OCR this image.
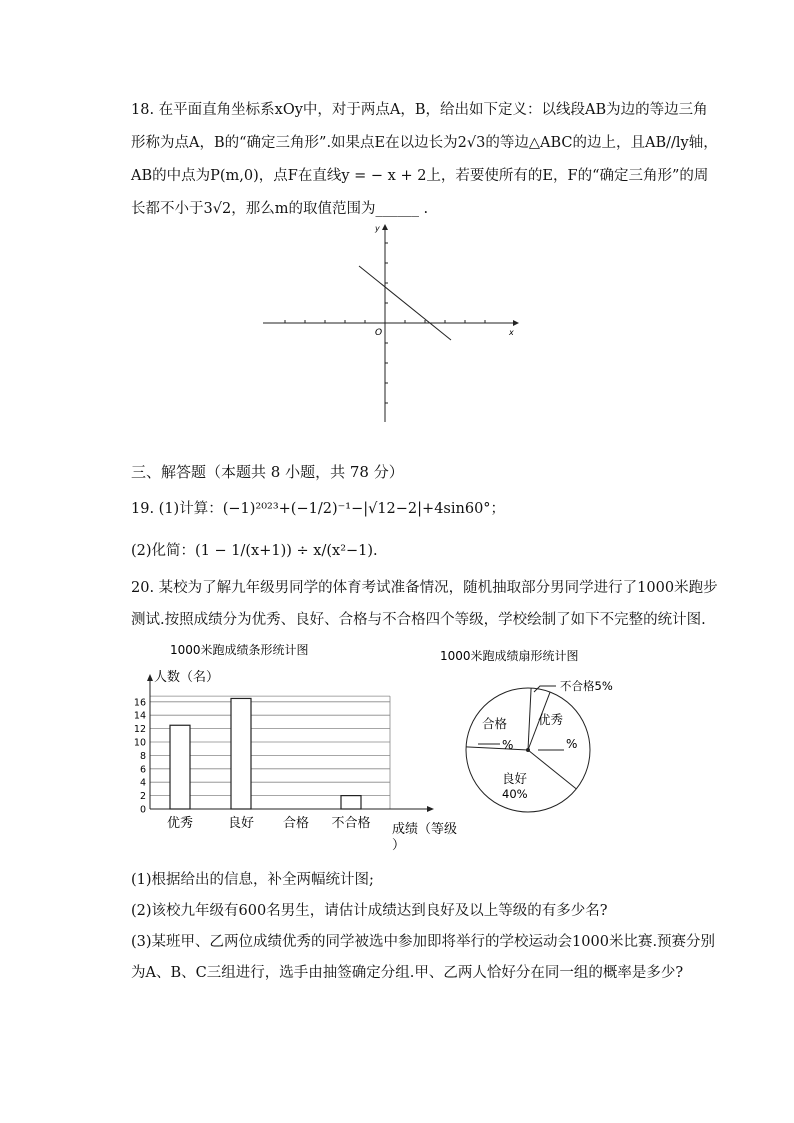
18. 在平面直角坐标系xOy中，对于两点A，B，给出如下定义：以线段AB为边的等边三角
形称为点A，B的“确定三角形”.如果点E在以边长为2√3的等边△ABC的边上，且AB//ly轴，
AB的中点为P(m,0)，点F在直线y = − x + 2上，若要使所有的E，F的“确定三角形”的周
长都不小于3√2，那么m的取值范围为______ .
O	x
y
三、解答题（本题共 8 小题，共 78 分）
19. (1)计算：(−1)²⁰²³+(−1/2)⁻¹−|√12−2|+4sin60°；
(2)化简：(1 − 1/(x+1)) ÷ x/(x²−1).
20. 某校为了解九年级男同学的体育考试准备情况，随机抽取部分男同学进行了1000米跑步
测试.按照成绩分为优秀、良好、合格与不合格四个等级，学校绘制了如下不完整的统计图.
1000米跑成绩条形统计图
人数（名）
成绩（等级
）
0
2
4
6
8
10
12
14
16
优秀	良好 合格 不合格
1000米跑成绩扇形统计图
不合格5%
优秀
%
良好
40%
合格
%
(1)根据给出的信息，补全两幅统计图;
(2)该校九年级有600名男生，请估计成绩达到良好及以上等级的有多少名?
(3)某班甲、乙两位成绩优秀的同学被选中参加即将举行的学校运动会1000米比赛.预赛分别
为A、B、C三组进行，选手由抽签确定分组.甲、乙两人恰好分在同一组的概率是多少?
